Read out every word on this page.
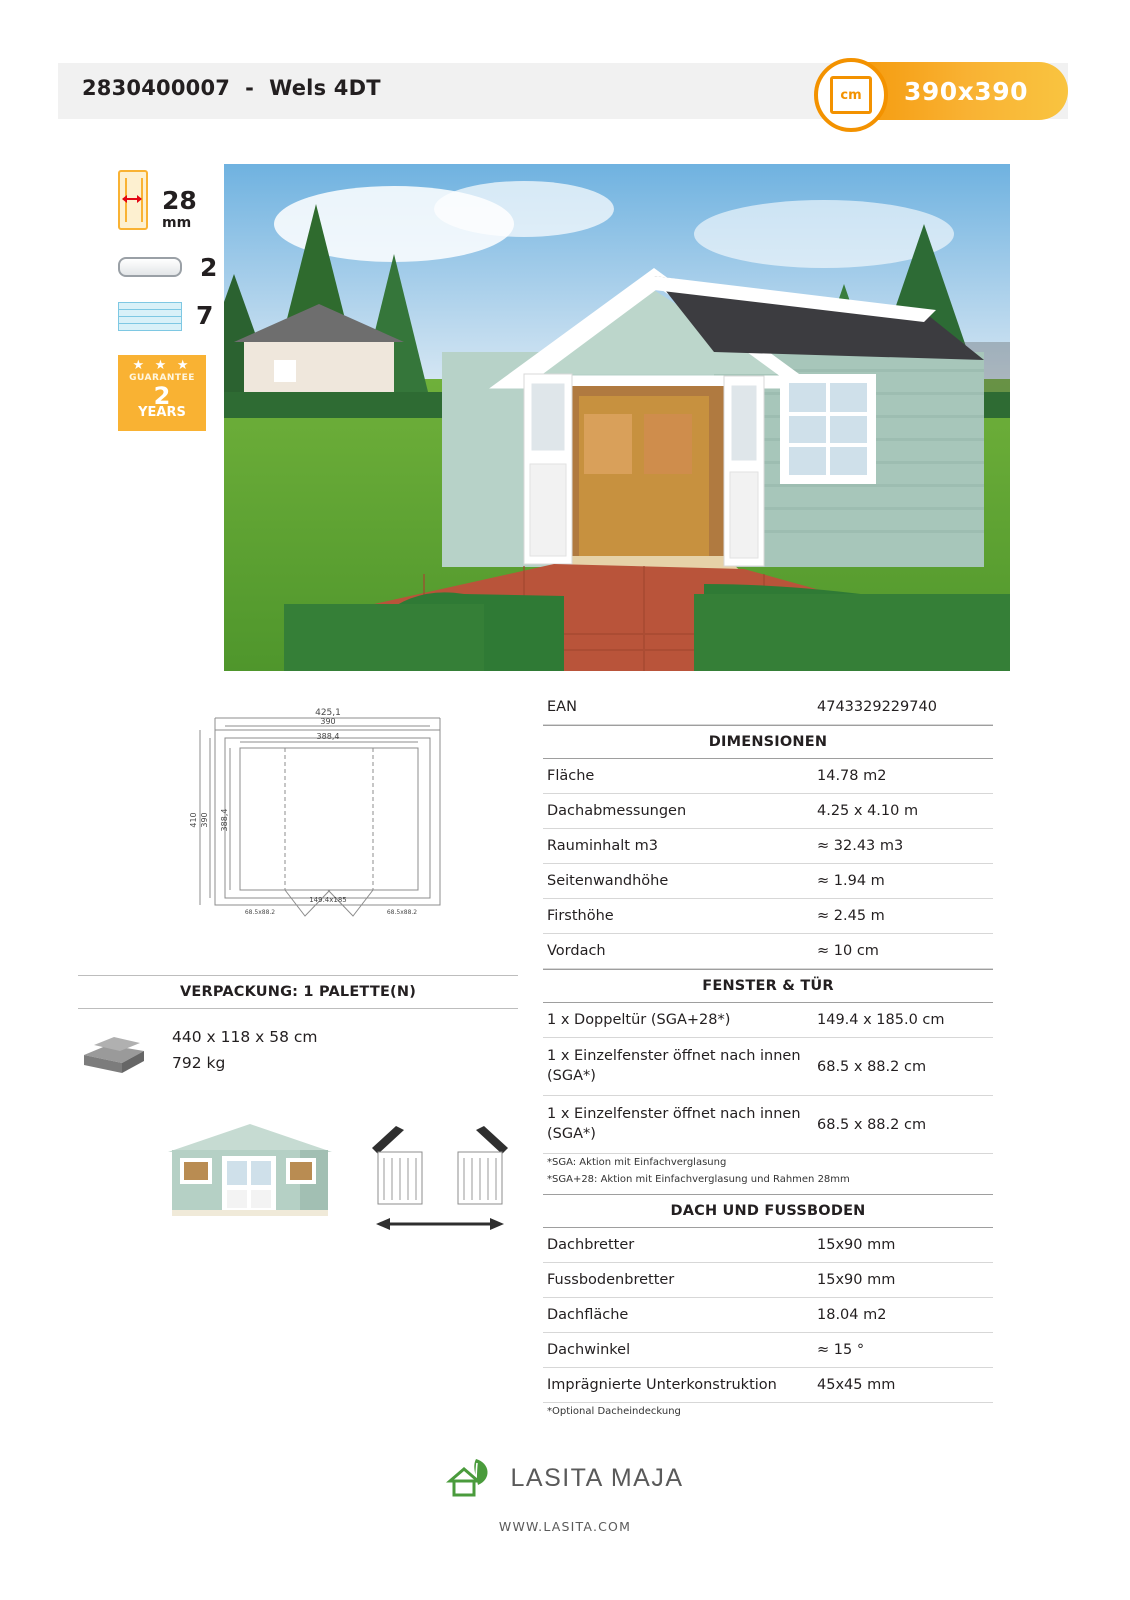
2830400007 - Wels 4DT	cm	390x390
28
mm
2
7
★ ★ ★
GUARANTEE
2
YEARS
425,1
390
388,4
149.4x185
68.5x88.2	68.5x88.2
410 390 388,4
VERPACKUNG: 1 PALETTE(N)
440 x 118 x 58 cm
792 kg
EAN	4743329229740
DIMENSIONEN	
Fläche	14.78 m2
Dachabmessungen	4.25 x 4.10 m
Rauminhalt m3	≈ 32.43 m3
Seitenwandhöhe	≈ 1.94 m
Firsthöhe	≈ 2.45 m
Vordach	≈ 10 cm
FENSTER & TÜR	
1 x Doppeltür (SGA+28*)	149.4 x 185.0 cm
1 x Einzelfenster öffnet nach innen (SGA*)	68.5 x 88.2 cm
1 x Einzelfenster öffnet nach innen (SGA*)	68.5 x 88.2 cm
*SGA: Aktion mit Einfachverglasung	
*SGA+28: Aktion mit Einfachverglasung und Rahmen 28mm	
DACH UND FUSSBODEN	
Dachbretter	15x90 mm
Fussbodenbretter	15x90 mm
Dachfläche	18.04 m2
Dachwinkel	≈ 15 °
Imprägnierte Unterkonstruktion	45x45 mm
*Optional Dacheindeckung	
LASITA MAJA
WWW.LASITA.COM
